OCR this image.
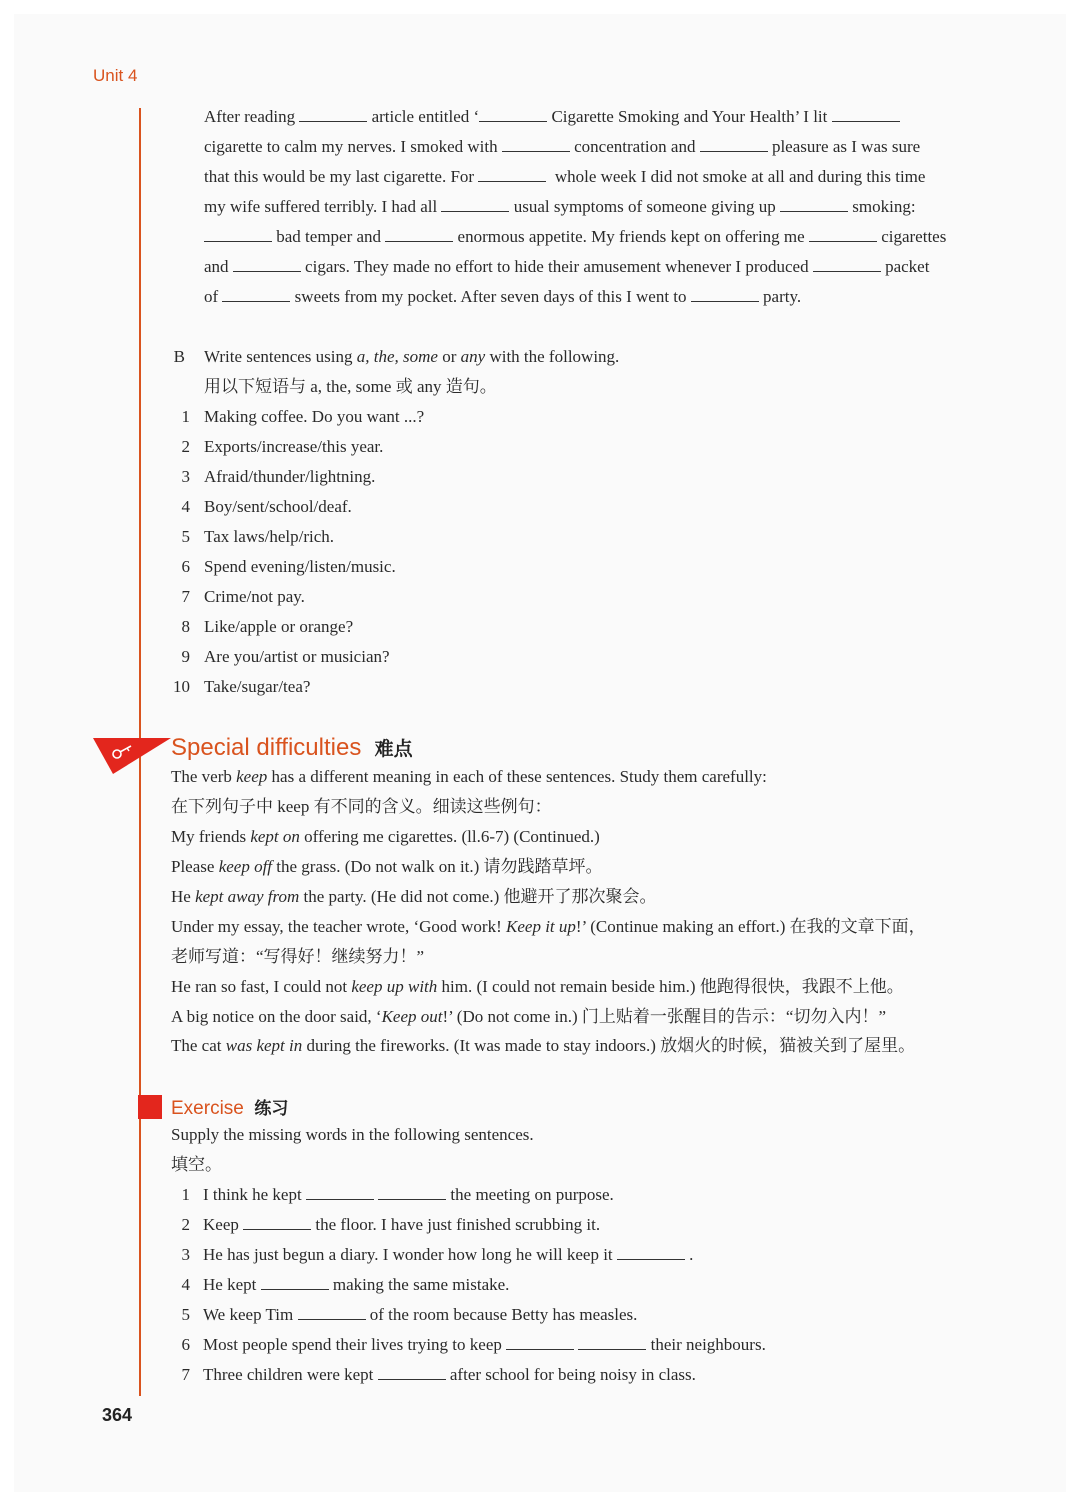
Unit 4
After reading	article entitled ‘	Cigarette Smoking and Your Health’ I lit
cigarette to calm my nerves. I smoked with	concentration and	pleasure as I was sure
that this would be my last cigarette. For	whole week I did not smoke at all and during this time
my wife suffered terribly. I had all	usual symptoms of someone giving up	smoking:
bad temper and	enormous appetite. My friends kept on offering me	cigarettes
and	cigars. They made no effort to hide their amusement whenever I produced	packet
of	sweets from my pocket. After seven days of this I went to	party.
B Write sentences using a, the, some or any with the following.
用以下短语与 a, the, some 或 any 造句。
1 Making coffee. Do you want ...?
2 Exports/increase/this year.
3 Afraid/thunder/lightning.
4 Boy/sent/school/deaf.
5 Tax laws/help/rich.
6 Spend evening/listen/music.
7 Crime/not pay.
8 Like/apple or orange?
9 Are you/artist or musician?
10 Take/sugar/tea?
Special difficulties 难点
The verb keep has a different meaning in each of these sentences. Study them carefully:
在下列句子中 keep 有不同的含义。细读这些例句：
My friends kept on offering me cigarettes. (ll.6-7) (Continued.)
Please keep off the grass. (Do not walk on it.) 请勿践踏草坪。
He kept away from the party. (He did not come.) 他避开了那次聚会。
Under my essay, the teacher wrote, ‘Good work! Keep it up!’ (Continue making an effort.) 在我的文章下面，
老师写道：“写得好！继续努力！”
He ran so fast, I could not keep up with him. (I could not remain beside him.) 他跑得很快，我跟不上他。
A big notice on the door said, ‘Keep out!’ (Do not come in.) 门上贴着一张醒目的告示：“切勿入内！”
The cat was kept in during the fireworks. (It was made to stay indoors.) 放烟火的时候，猫被关到了屋里。
Exercise 练习
Supply the missing words in the following sentences.
填空。
1 I think he kept	the meeting on purpose.
2 Keep	the floor. I have just finished scrubbing it.
3 He has just begun a diary. I wonder how long he will keep it	.
4 He kept	making the same mistake.
5 We keep Tim	of the room because Betty has measles.
6 Most people spend their lives trying to keep	their neighbours.
7 Three children were kept	after school for being noisy in class.
364
